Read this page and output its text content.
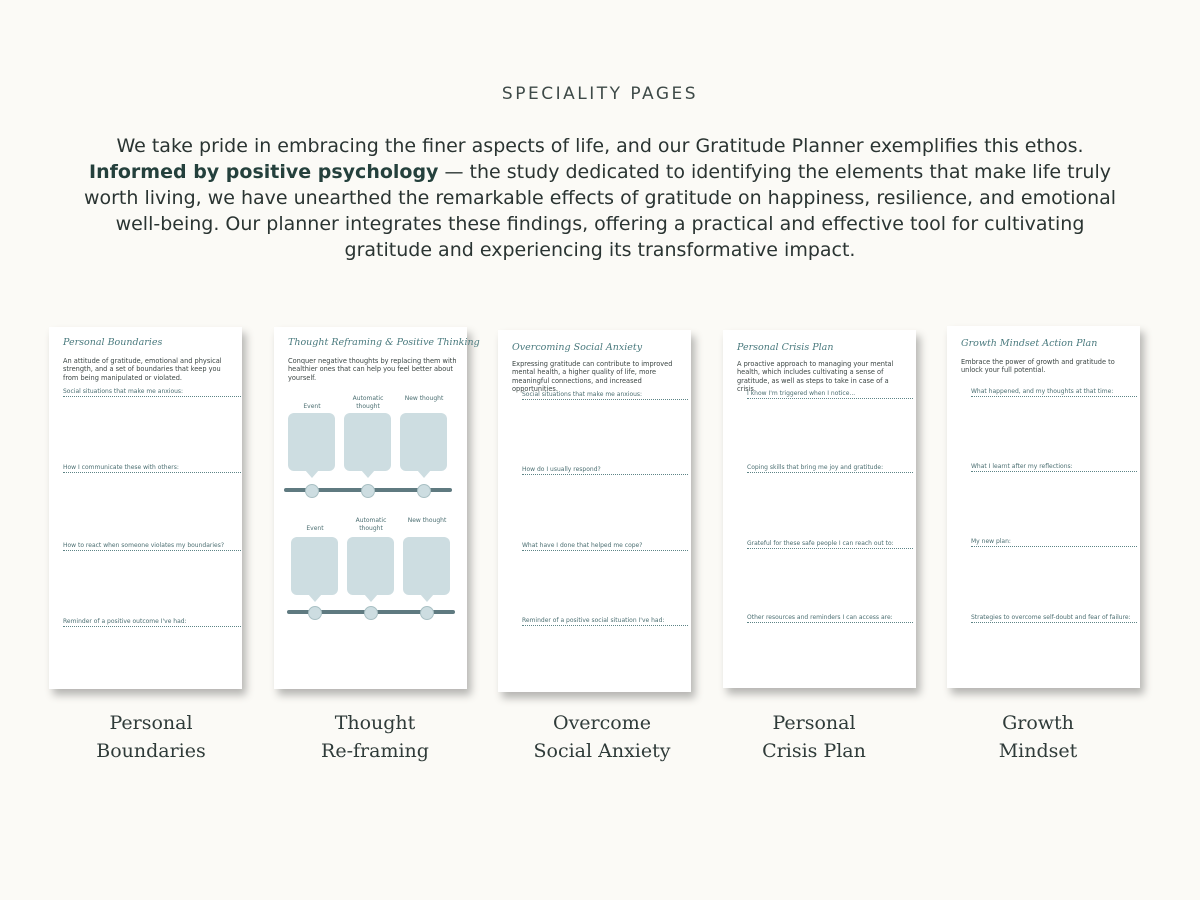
SPECIALITY PAGES

We take pride in embracing the finer aspects of life, and our Gratitude Planner exemplifies this ethos. Informed by positive psychology — the study dedicated to identifying the elements that make life truly worth living, we have unearthed the remarkable effects of gratitude on happiness, resilience, and emotional well-being. Our planner integrates these findings, offering a practical and effective tool for cultivating gratitude and experiencing its transformative impact.

Personal Boundaries
An attitude of gratitude, emotional and physical strength, and a set of boundaries that keep you from being manipulated or violated.
Social situations that make me anxious:
How I communicate these with others:
How to react when someone violates my boundaries?
Reminder of a positive outcome I've had:
Thought Reframing & Positive Thinking
Conquer negative thoughts by replacing them with healthier ones that can help you feel better about yourself.
Event
Automatic thought
New thought
Event
Automatic thought
New thought
Overcoming Social Anxiety
Expressing gratitude can contribute to improved mental health, a higher quality of life, more meaningful connections, and increased opportunities.
Social situations that make me anxious:
How do I usually respond?
What have I done that helped me cope?
Reminder of a positive social situation I've had:
Personal Crisis Plan
A proactive approach to managing your mental health, which includes cultivating a sense of gratitude, as well as steps to take in case of a crisis.
I know I'm triggered when I notice...
Coping skills that bring me joy and gratitude:
Grateful for these safe people I can reach out to:
Other resources and reminders I can access are:
Growth Mindset Action Plan
Embrace the power of growth and gratitude to unlock your full potential.
What happened, and my thoughts at that time:
What I learnt after my reflections:
My new plan:
Strategies to overcome self-doubt and fear of failure:
Personal
Boundaries
Thought
Re-framing
Overcome
Social Anxiety
Personal
Crisis Plan
Growth
Mindset
